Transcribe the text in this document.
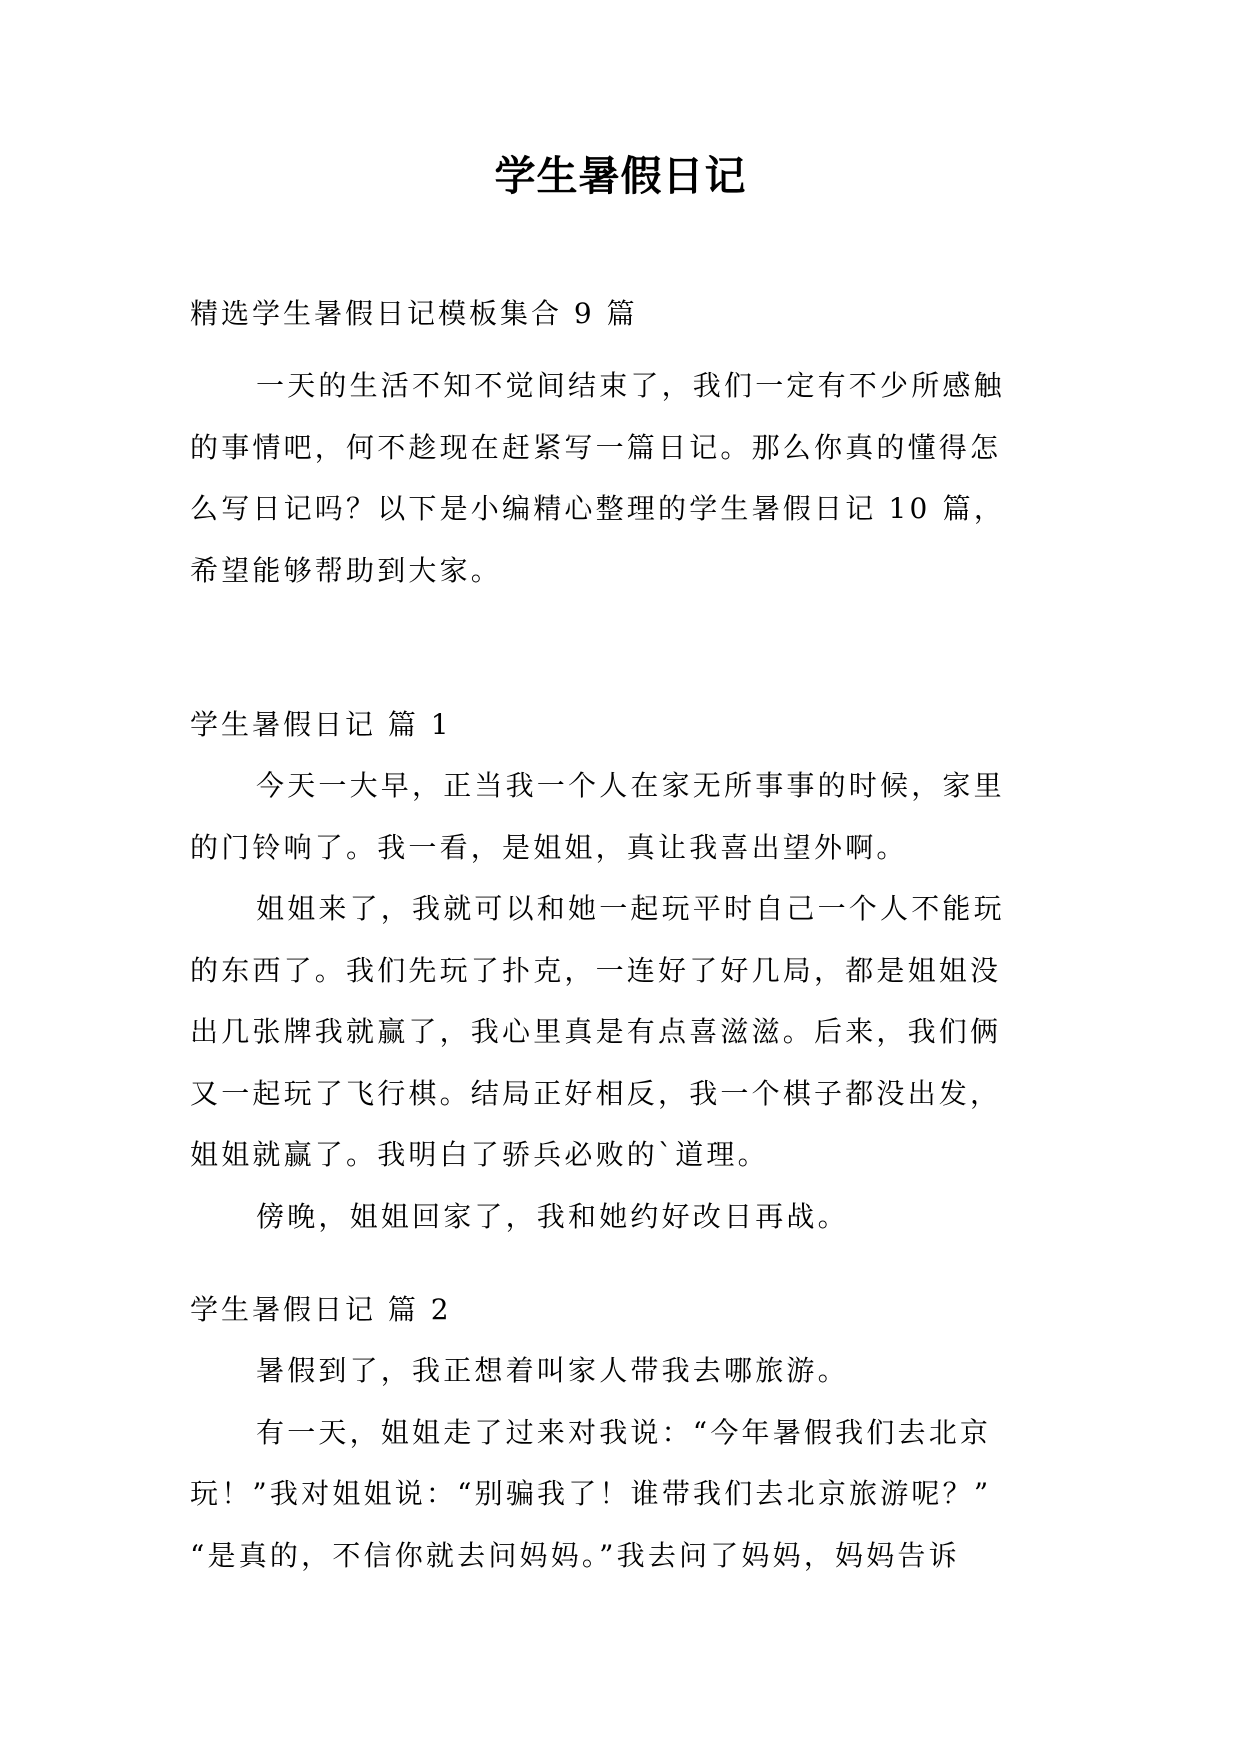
学生暑假日记
精选学生暑假日记模板集合 9 篇
一天的生活不知不觉间结束了，我们一定有不少所感触
的事情吧，何不趁现在赶紧写一篇日记。那么你真的懂得怎
么写日记吗？以下是小编精心整理的学生暑假日记 10 篇，
希望能够帮助到大家。
学生暑假日记 篇 1
今天一大早，正当我一个人在家无所事事的时候，家里
的门铃响了。我一看，是姐姐，真让我喜出望外啊。
姐姐来了，我就可以和她一起玩平时自己一个人不能玩
的东西了。我们先玩了扑克，一连好了好几局，都是姐姐没
出几张牌我就赢了，我心里真是有点喜滋滋。后来，我们俩
又一起玩了飞行棋。结局正好相反，我一个棋子都没出发，
姐姐就赢了。我明白了骄兵必败的`道理。
傍晚，姐姐回家了，我和她约好改日再战。
学生暑假日记 篇 2
暑假到了，我正想着叫家人带我去哪旅游。
有一天，姐姐走了过来对我说：“今年暑假我们去北京
玩！”我对姐姐说：“别骗我了！谁带我们去北京旅游呢？”
“是真的，不信你就去问妈妈。”我去问了妈妈，妈妈告诉
